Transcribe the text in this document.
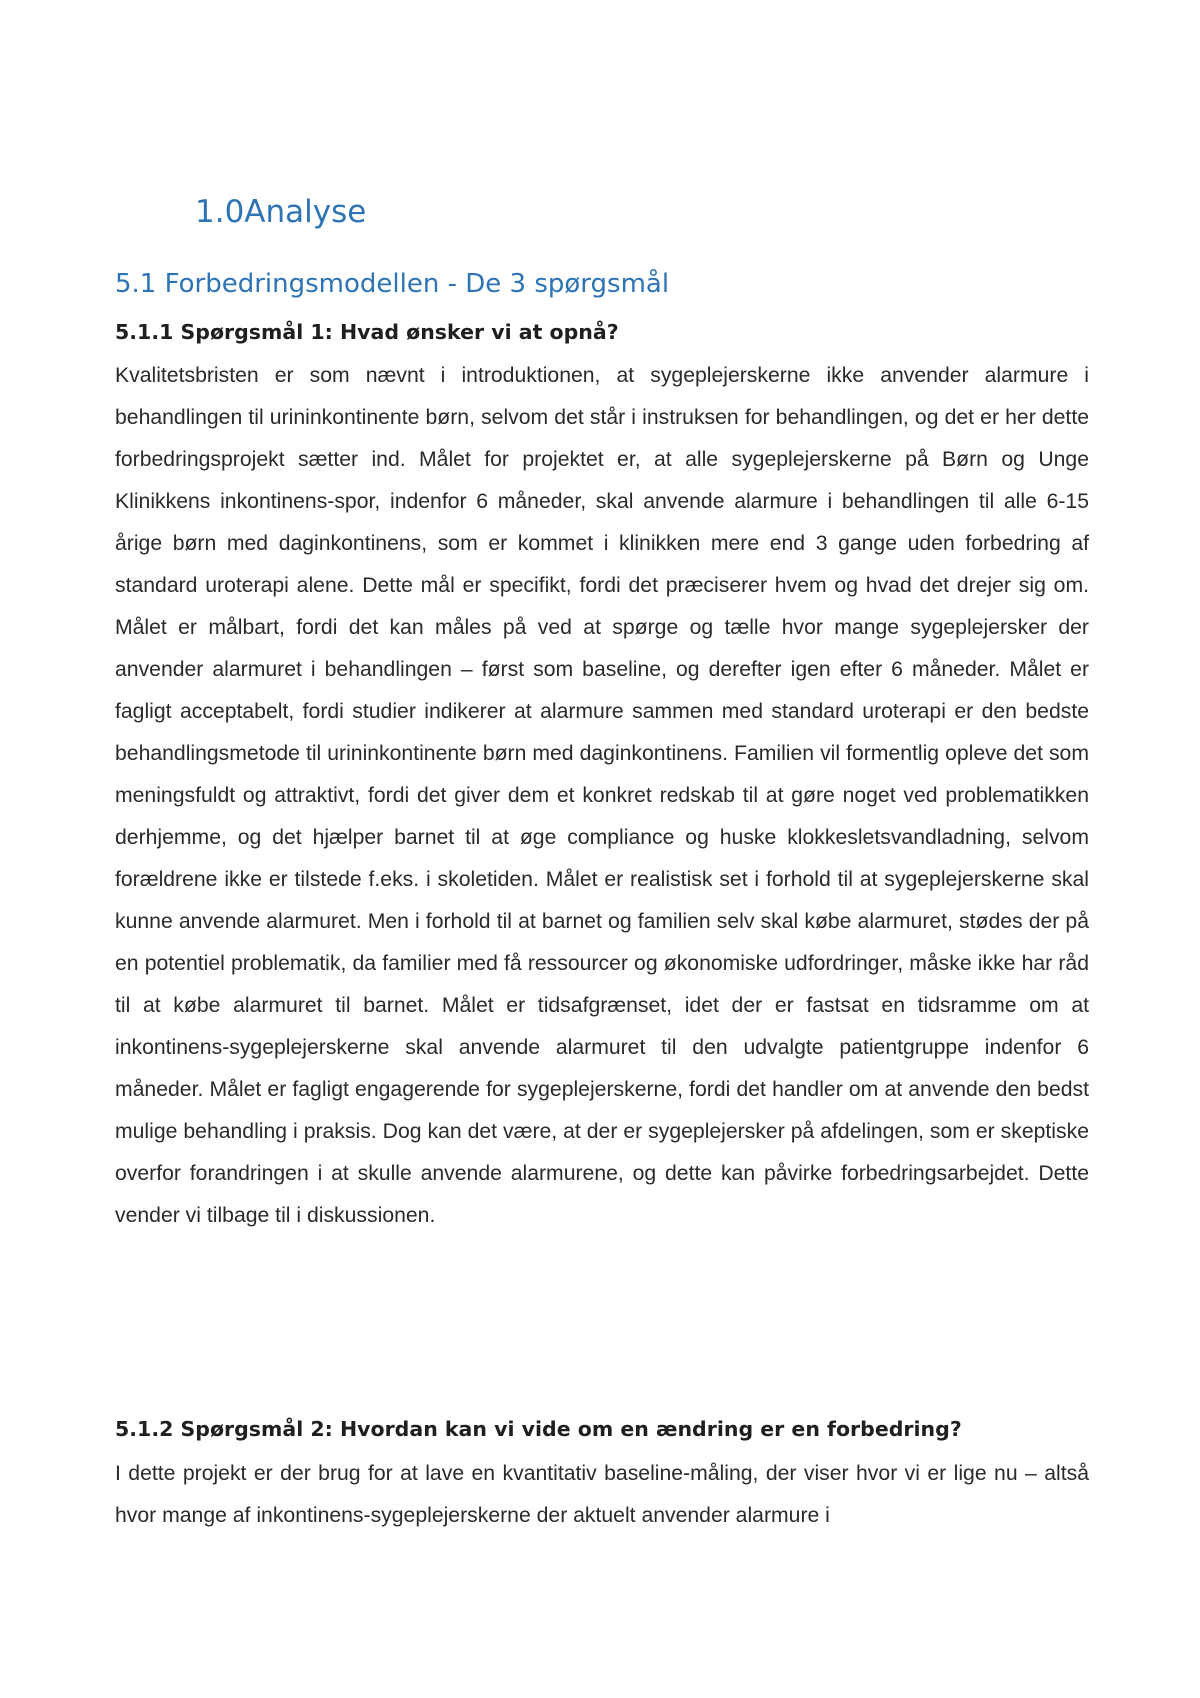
1.0Analyse
5.1 Forbedringsmodellen - De 3 spørgsmål
5.1.1 Spørgsmål 1: Hvad ønsker vi at opnå?

Kvalitetsbristen er som nævnt i introduktionen, at sygeplejerskerne ikke anvender alarmure i behandlingen til urininkontinente børn, selvom det står i instruksen for behandlingen, og det er her dette forbedringsprojekt sætter ind. Målet for projektet er, at alle sygeplejerskerne på Børn og Unge Klinikkens inkontinens-spor, indenfor 6 måneder, skal anvende alarmure i behandlingen til alle 6-15 årige børn med daginkontinens, som er kommet i klinikken mere end 3 gange uden forbedring af standard uroterapi alene. Dette mål er specifikt, fordi det præciserer hvem og hvad det drejer sig om. Målet er målbart, fordi det kan måles på ved at spørge og tælle hvor mange sygeplejersker der anvender alarmuret i behandlingen – først som baseline, og derefter igen efter 6 måneder. Målet er fagligt acceptabelt, fordi studier indikerer at alarmure sammen med standard uroterapi er den bedste behandlingsmetode til urininkontinente børn med daginkontinens. Familien vil formentlig opleve det som meningsfuldt og attraktivt, fordi det giver dem et konkret redskab til at gøre noget ved problematikken derhjemme, og det hjælper barnet til at øge compliance og huske klokkesletsvandladning, selvom forældrene ikke er tilstede f.eks. i skoletiden. Målet er realistisk set i forhold til at sygeplejerskerne skal kunne anvende alarmuret. Men i forhold til at barnet og familien selv skal købe alarmuret, stødes der på en potentiel problematik, da familier med få ressourcer og økonomiske udfordringer, måske ikke har råd til at købe alarmuret til barnet. Målet er tidsafgrænset, idet der er fastsat en tidsramme om at inkontinens-sygeplejerskerne skal anvende alarmuret til den udvalgte patientgruppe indenfor 6 måneder. Målet er fagligt engagerende for sygeplejerskerne, fordi det handler om at anvende den bedst mulige behandling i praksis. Dog kan det være, at der er sygeplejersker på afdelingen, som er skeptiske overfor forandringen i at skulle anvende alarmurene, og dette kan påvirke forbedringsarbejdet. Dette vender vi tilbage til i diskussionen.

5.1.2 Spørgsmål 2: Hvordan kan vi vide om en ændring er en forbedring?

I dette projekt er der brug for at lave en kvantitativ baseline-måling, der viser hvor vi er lige nu – altså hvor mange af inkontinens-sygeplejerskerne der aktuelt anvender alarmure i
